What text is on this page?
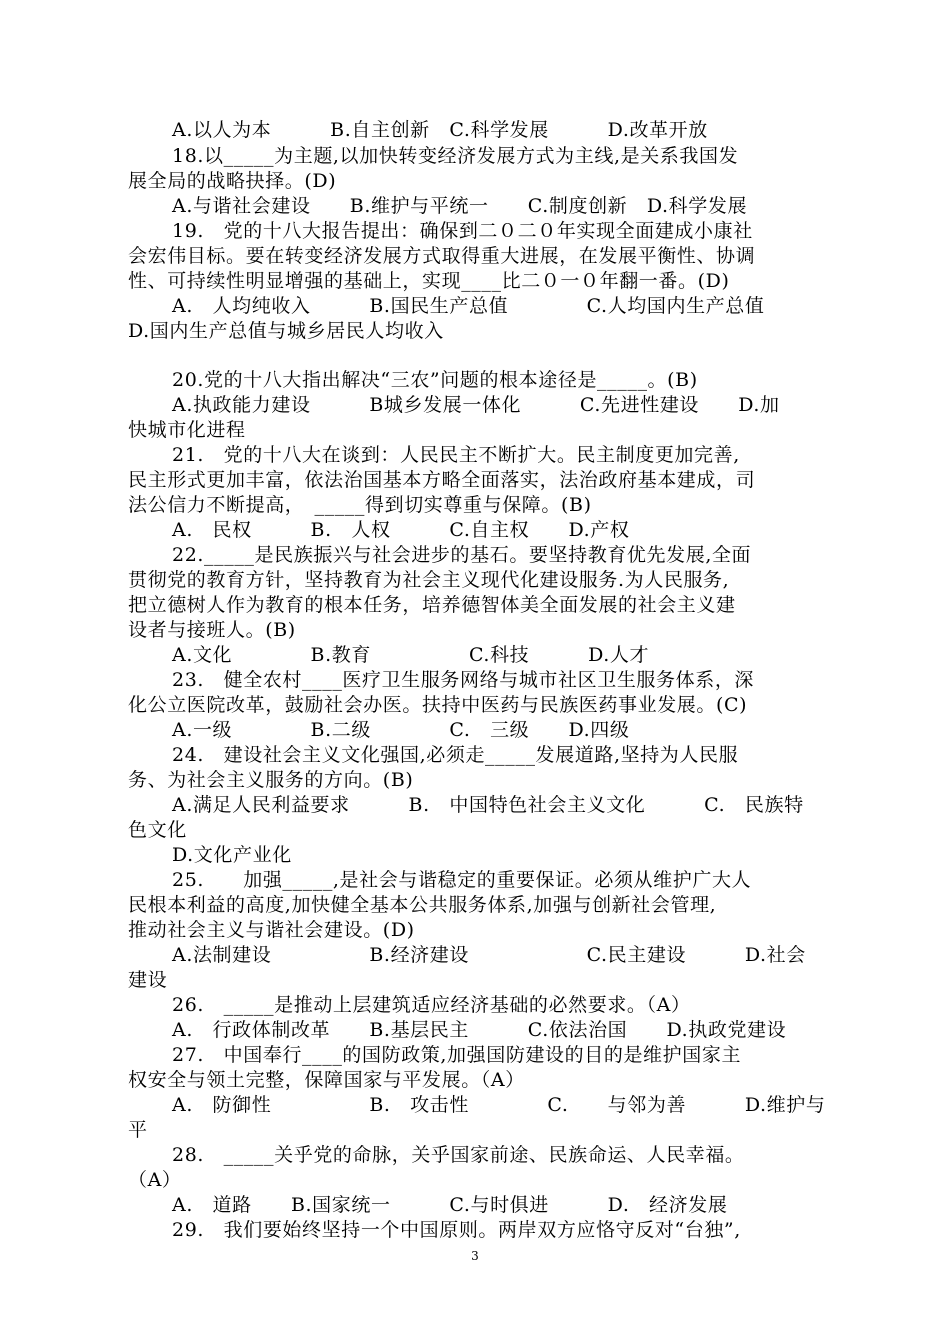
A.以人为本　　　B.自主创新　C.科学发展　　　D.改革开放
18.以_____为主题,以加快转变经济发展方式为主线,是关系我国发
展全局的战略抉择。(D)
A.与谐社会建设　　B.维护与平统一　　C.制度创新　D.科学发展
19.　党的十八大报告提出：确保到二０二０年实现全面建成小康社
会宏伟目标。要在转变经济发展方式取得重大进展，在发展平衡性、协调
性、可持续性明显增强的基础上，实现____比二０一０年翻一番。(D)
A.　人均纯收入　　　B.国民生产总值　　　　C.人均国内生产总值
D.国内生产总值与城乡居民人均收入
20.党的十八大指出解决“三农”问题的根本途径是_____。(B)
A.执政能力建设　　　B城乡发展一体化　　　C.先进性建设　　D.加
快城市化进程
21.　党的十八大在谈到：人民民主不断扩大。民主制度更加完善,
民主形式更加丰富，依法治国基本方略全面落实，法治政府基本建成，司
法公信力不断提高，　_____得到切实尊重与保障。(B)
A.　民权　　　B.　人权　　　C.自主权　　D.产权
22._____是民族振兴与社会进步的基石。要坚持教育优先发展,全面
贯彻党的教育方针，坚持教育为社会主义现代化建设服务.为人民服务,
把立德树人作为教育的根本任务，培养德智体美全面发展的社会主义建
设者与接班人。(B)
A.文化　　　　B.教育　　　　　C.科技　　　D.人才
23.　健全农村____医疗卫生服务网络与城市社区卫生服务体系，深
化公立医院改革，鼓励社会办医。扶持中医药与民族医药事业发展。(C)
A.一级　　　　B.二级　　　　C.　三级　　D.四级
24.　建设社会主义文化强国,必须走_____发展道路,坚持为人民服
务、为社会主义服务的方向。(B)
A.满足人民利益要求　　　B.　中国特色社会主义文化　　　C.　民族特
色文化
D.文化产业化
25.　　加强_____,是社会与谐稳定的重要保证。必须从维护广大人
民根本利益的高度,加快健全基本公共服务体系,加强与创新社会管理,
推动社会主义与谐社会建设。(D)
A.法制建设　　　　　B.经济建设　　　　　　C.民主建设　　　D.社会
建设
26.　_____是推动上层建筑适应经济基础的必然要求。（A）
A.　行政体制改革　　B.基层民主　　　C.依法治国　　D.执政党建设
27.　中国奉行____的国防政策,加强国防建设的目的是维护国家主
权安全与领土完整，保障国家与平发展。（A）
A.　防御性　　　　　B.　攻击性　　　　C.　　与邻为善　　　D.维护与
平
28.　_____关乎党的命脉，关乎国家前途、民族命运、人民幸福。
（A）
A.　道路　　B.国家统一　　　C.与时俱进　　　D.　经济发展
29.　我们要始终坚持一个中国原则。两岸双方应恪守反对“台独”,
3
